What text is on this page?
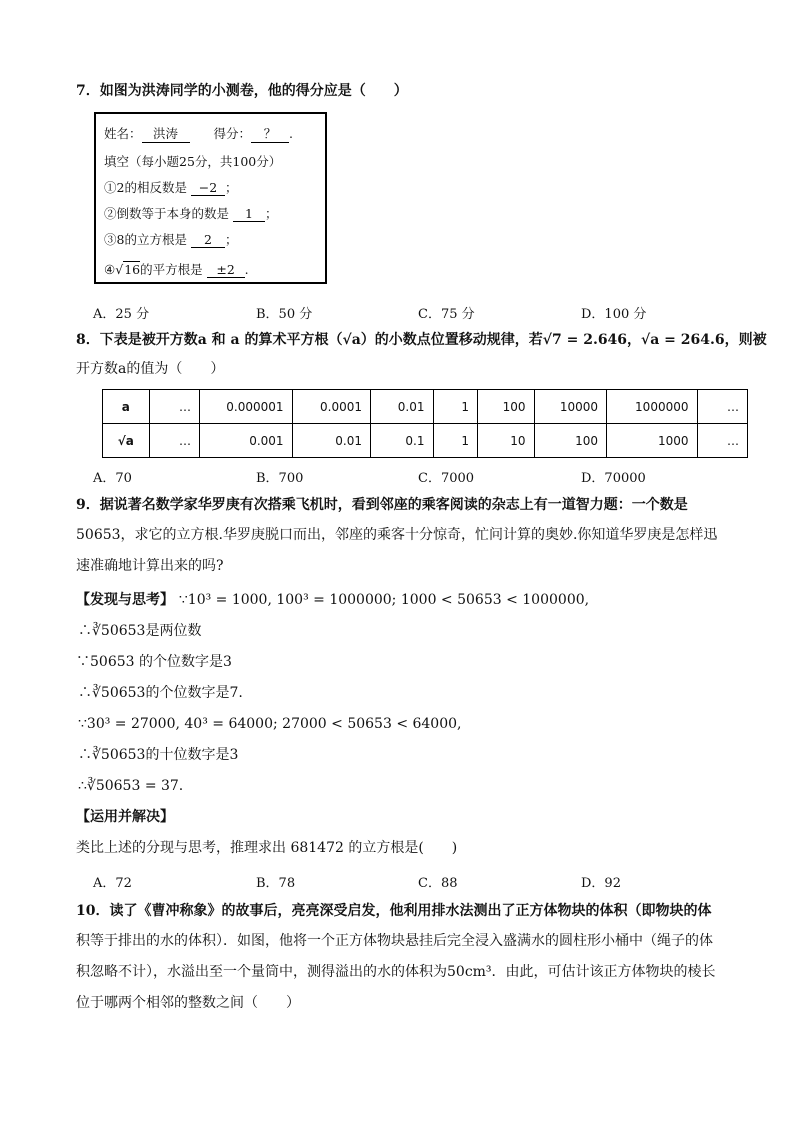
7．如图为洪涛同学的小测卷，他的得分应是（　　）
姓名： 洪涛	得分： ？ .
填空（每小题25分，共100分）
①2的相反数是 −2 ；
②倒数等于本身的数是 1 ；
③8的立方根是 2 ；
④√16的平方根是 ±2 .
A．25 分	B．50 分	C．75 分	D．100 分
8．下表是被开方数a 和 a 的算术平方根（√a）的小数点位置移动规律，若√7 = 2.646，√a = 264.6，则被
开方数a的值为（　　）
a	…	0.000001	0.0001	0.01	1	100	10000	1000000	…
√a	…	0.001	0.01	0.1	1	10	100	1000	…
A．70	B．700	C．7000	D．70000
9．据说著名数学家华罗庚有次搭乘飞机时，看到邻座的乘客阅读的杂志上有一道智力题：一个数是
50653，求它的立方根.华罗庚脱口而出，邻座的乘客十分惊奇，忙问计算的奥妙.你知道华罗庚是怎样迅
速准确地计算出来的吗?
【发现与思考】 ∵10³ = 1000, 100³ = 1000000; 1000 < 50653 < 1000000,
∴∛50653是两位数
∵50653 的个位数字是3
∴∛50653的个位数字是7.
∵30³ = 27000, 40³ = 64000; 27000 < 50653 < 64000,
∴∛50653的十位数字是3
∴∛50653 = 37.
【运用并解决】
类比上述的分现与思考，推理求出 681472 的立方根是(　　)
A．72	B．78	C．88	D．92
10．读了《曹冲称象》的故事后，亮亮深受启发，他利用排水法测出了正方体物块的体积（即物块的体
积等于排出的水的体积）．如图，他将一个正方体物块悬挂后完全浸入盛满水的圆柱形小桶中（绳子的体
积忽略不计），水溢出至一个量筒中，测得溢出的水的体积为50cm³．由此，可估计该正方体物块的棱长
位于哪两个相邻的整数之间（　　）
